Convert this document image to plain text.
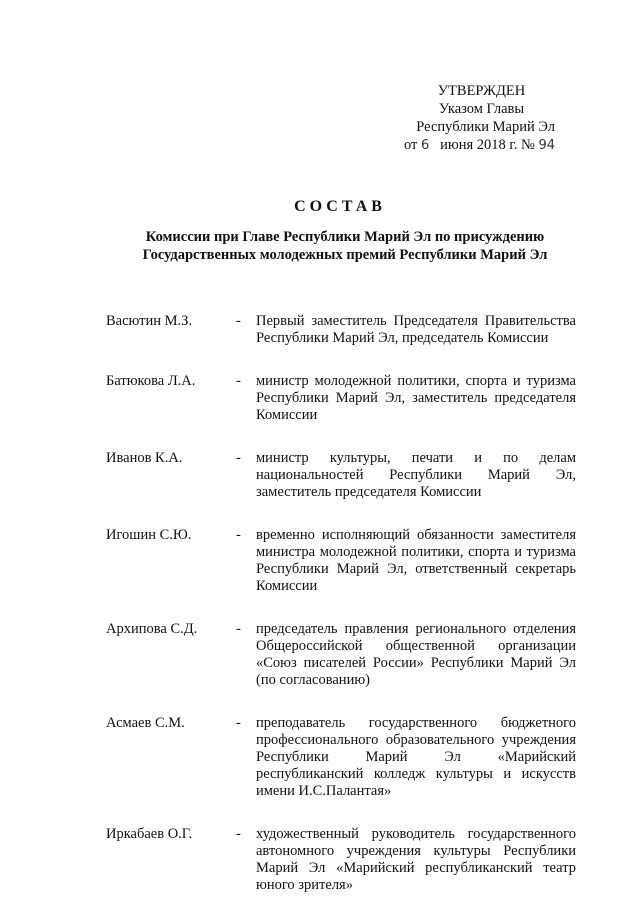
УТВЕРЖДЕН
Указом Главы
Республики Марий Эл
от 6 июня 2018 г. № 94
СОСТАВ
Комиссии при Главе Республики Марий Эл по присуждению
Государственных молодежных премий Республики Марий Эл
Васютин М.З.	-	Первый заместитель Председателя Правительства Республики Марий Эл, председатель Комиссии
Батюкова Л.А.	-	министр молодежной политики, спорта и туризма Республики Марий Эл, заместитель председателя Комиссии
Иванов К.А.	-	министр культуры, печати и по делам национальностей Республики Марий Эл, заместитель председателя Комиссии
Игошин С.Ю.	-	временно исполняющий обязанности заместителя министра молодежной политики, спорта и туризма Республики Марий Эл, ответственный секретарь Комиссии
Архипова С.Д.	-	председатель правления регионального отделения Общероссийской общественной организации «Союз писателей России» Республики Марий Эл (по согласованию)
Асмаев С.М.	-	преподаватель государственного бюджетного профессионального образовательного учреждения Республики Марий Эл «Марийский республиканский колледж культуры и искусств имени И.С.Палантая»
Иркабаев О.Г.	-	художественный руководитель государственного автономного учреждения культуры Республики Марий Эл «Марийский республиканский театр юного зрителя»
